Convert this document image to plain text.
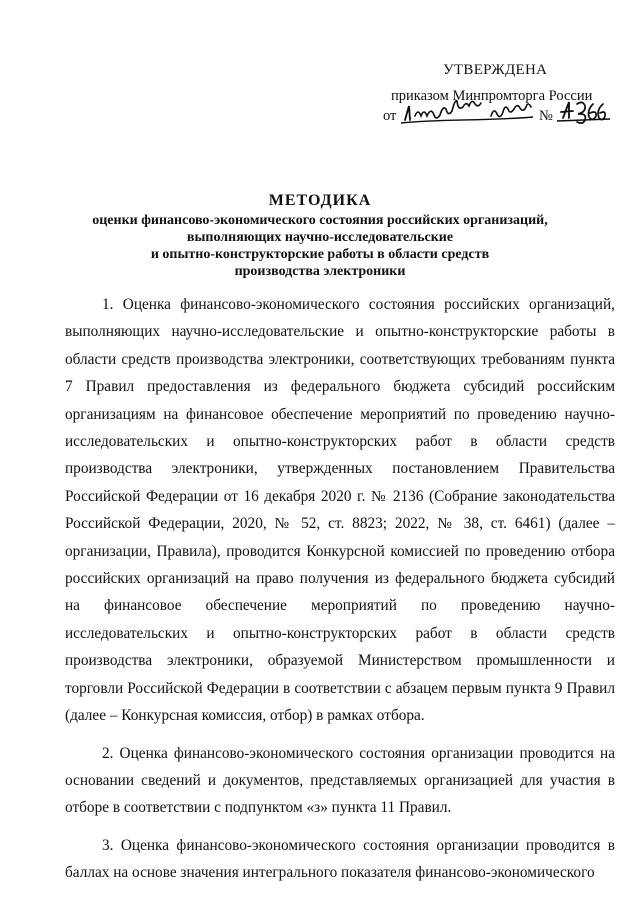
УТВЕРЖДЕНА
приказом Минпромторга России
от	№
МЕТОДИКА
оценки финансово-экономического состояния российских организаций,
выполняющих научно-исследовательские
и опытно-конструкторские работы в области средств
производства электроники

1. Оценка финансово-экономического состояния российских организаций, выполняющих научно-исследовательские и опытно-конструкторские работы в области средств производства электроники, соответствующих требованиям пункта 7 Правил предоставления из федерального бюджета субсидий российским организациям на финансовое обеспечение мероприятий по проведению научно-исследовательских и опытно-конструкторских работ в области средств производства электроники, утвержденных постановлением Правительства Российской Федерации от 16 декабря 2020 г. № 2136 (Собрание законодательства Российской Федерации, 2020, № 52, ст. 8823; 2022, № 38, ст. 6461) (далее – организации, Правила), проводится Конкурсной комиссией по проведению отбора российских организаций на право получения из федерального бюджета субсидий на финансовое обеспечение мероприятий по проведению научно-исследовательских и опытно-конструкторских работ в области средств производства электроники, образуемой Министерством промышленности и торговли Российской Федерации в соответствии с абзацем первым пункта 9 Правил (далее – Конкурсная комиссия, отбор) в рамках отбора.

2. Оценка финансово-экономического состояния организации проводится на основании сведений и документов, представляемых организацией для участия в отборе в соответствии с подпунктом «з» пункта 11 Правил.

3. Оценка финансово-экономического состояния организации проводится в баллах на основе значения интегрального показателя финансово-экономического
